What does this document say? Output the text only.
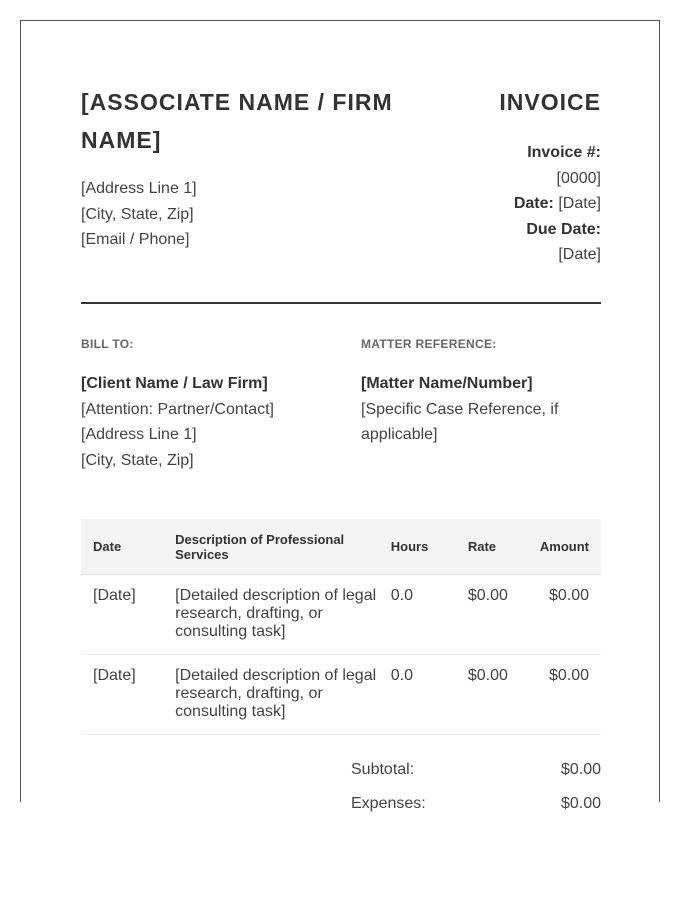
[ASSOCIATE NAME / FIRM NAME]
[Address Line 1]
[City, State, Zip]
[Email / Phone]
INVOICE
Invoice #:
[0000]
Date: [Date]
Due Date:
[Date]
BILL TO:	MATTER REFERENCE:
[Client Name / Law Firm]
[Attention: Partner/Contact]
[Address Line 1]
[City, State, Zip]
[Matter Name/Number]
[Specific Case Reference, if applicable]
Date	Description of Professional Services	Hours	Rate	Amount
[Date]	[Detailed description of legal research, drafting, or consulting task]	0.0	$0.00	$0.00
[Date]	[Detailed description of legal research, drafting, or consulting task]	0.0	$0.00	$0.00
Subtotal:	$0.00
Expenses:	$0.00
